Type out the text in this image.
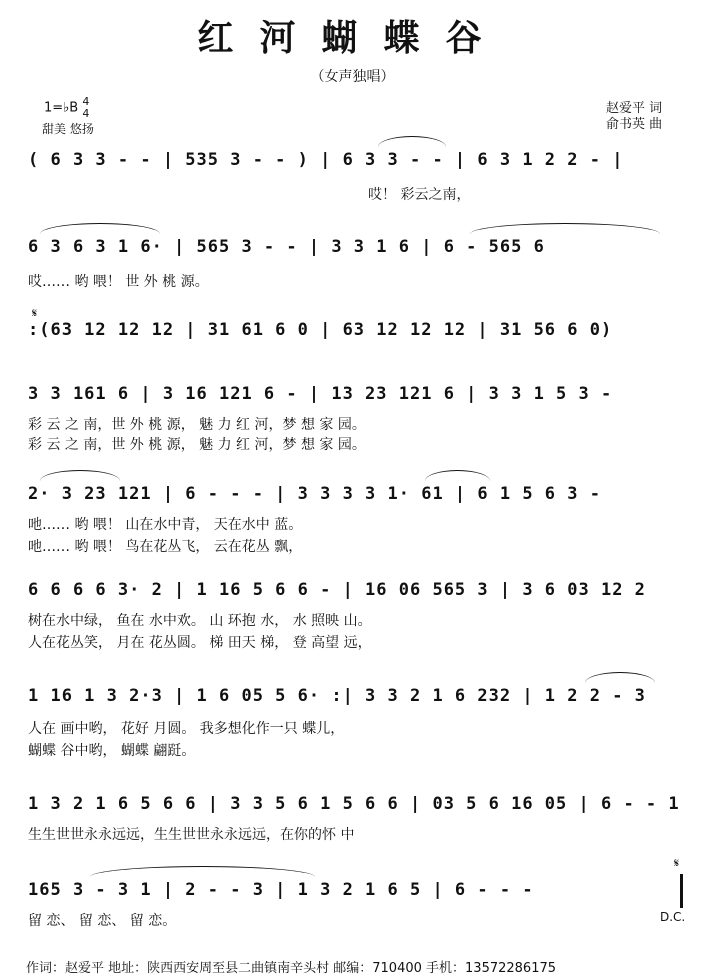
红河蝴蝶谷
（女声独唱）
1=♭B 4
4
甜美 悠扬
赵爱平 词
俞书英 曲
( 6 3 3 - - | 535 3 - - ) | 6 3 3 - - | 6 3 1 2 2 - |
哎！ 彩云之南，
6 3 6 3 1 6· | 565 3 - - | 3 3 1 6 | 6 - 565 6
哎…… 哟 喂！ 世 外 桃 源。
𝄋
:(63 12 12 12 | 31 61 6 0 | 63 12 12 12 | 31 56 6 0)
3 3 161 6 | 3 16 121 6 - | 13 23 121 6 | 3 3 1 5 3 -
彩 云 之 南，世 外 桃 源， 魅 力 红 河，梦 想 家 园。
彩 云 之 南，世 外 桃 源， 魅 力 红 河，梦 想 家 园。
2· 3 23 121 | 6 - - - | 3 3 3 3 1· 61 | 6 1 5 6 3 -
吔…… 哟 喂！ 山在水中青， 天在水中 蓝。
吔…… 哟 喂！ 鸟在花丛飞， 云在花丛 飘，
6 6 6 6 3· 2 | 1 16 5 6 6 - | 16 06 565 3 | 3 6 03 12 2
树在水中绿， 鱼在 水中欢。 山 环抱 水， 水 照映 山。
人在花丛笑， 月在 花丛圆。 梯 田天 梯， 登 高望 远，
1 16 1 3 2·3 | 1 6 05 5 6· :| 3 3 2 1 6 232 | 1 2 2 - 3
人在 画中哟， 花好 月圆。 我多想化作一只 蝶儿，
蝴蝶 谷中哟， 蝴蝶 翩跹。
1 3 2 1 6 5 6 6 | 3 3 5 6 1 5 6 6 | 03 5 6 16 05 | 6 - - 1
生生世世永永远远，生生世世永永远远，在你的怀 中
165 3 - 3 1 | 2 - - 3 | 1 3 2 1 6 5 | 6 - - -
留 恋、 留 恋、 留 恋。
𝄋
D.C.
作词：赵爱平 地址：陕西西安周至县二曲镇南辛头村 邮编：710400 手机：13572286175
